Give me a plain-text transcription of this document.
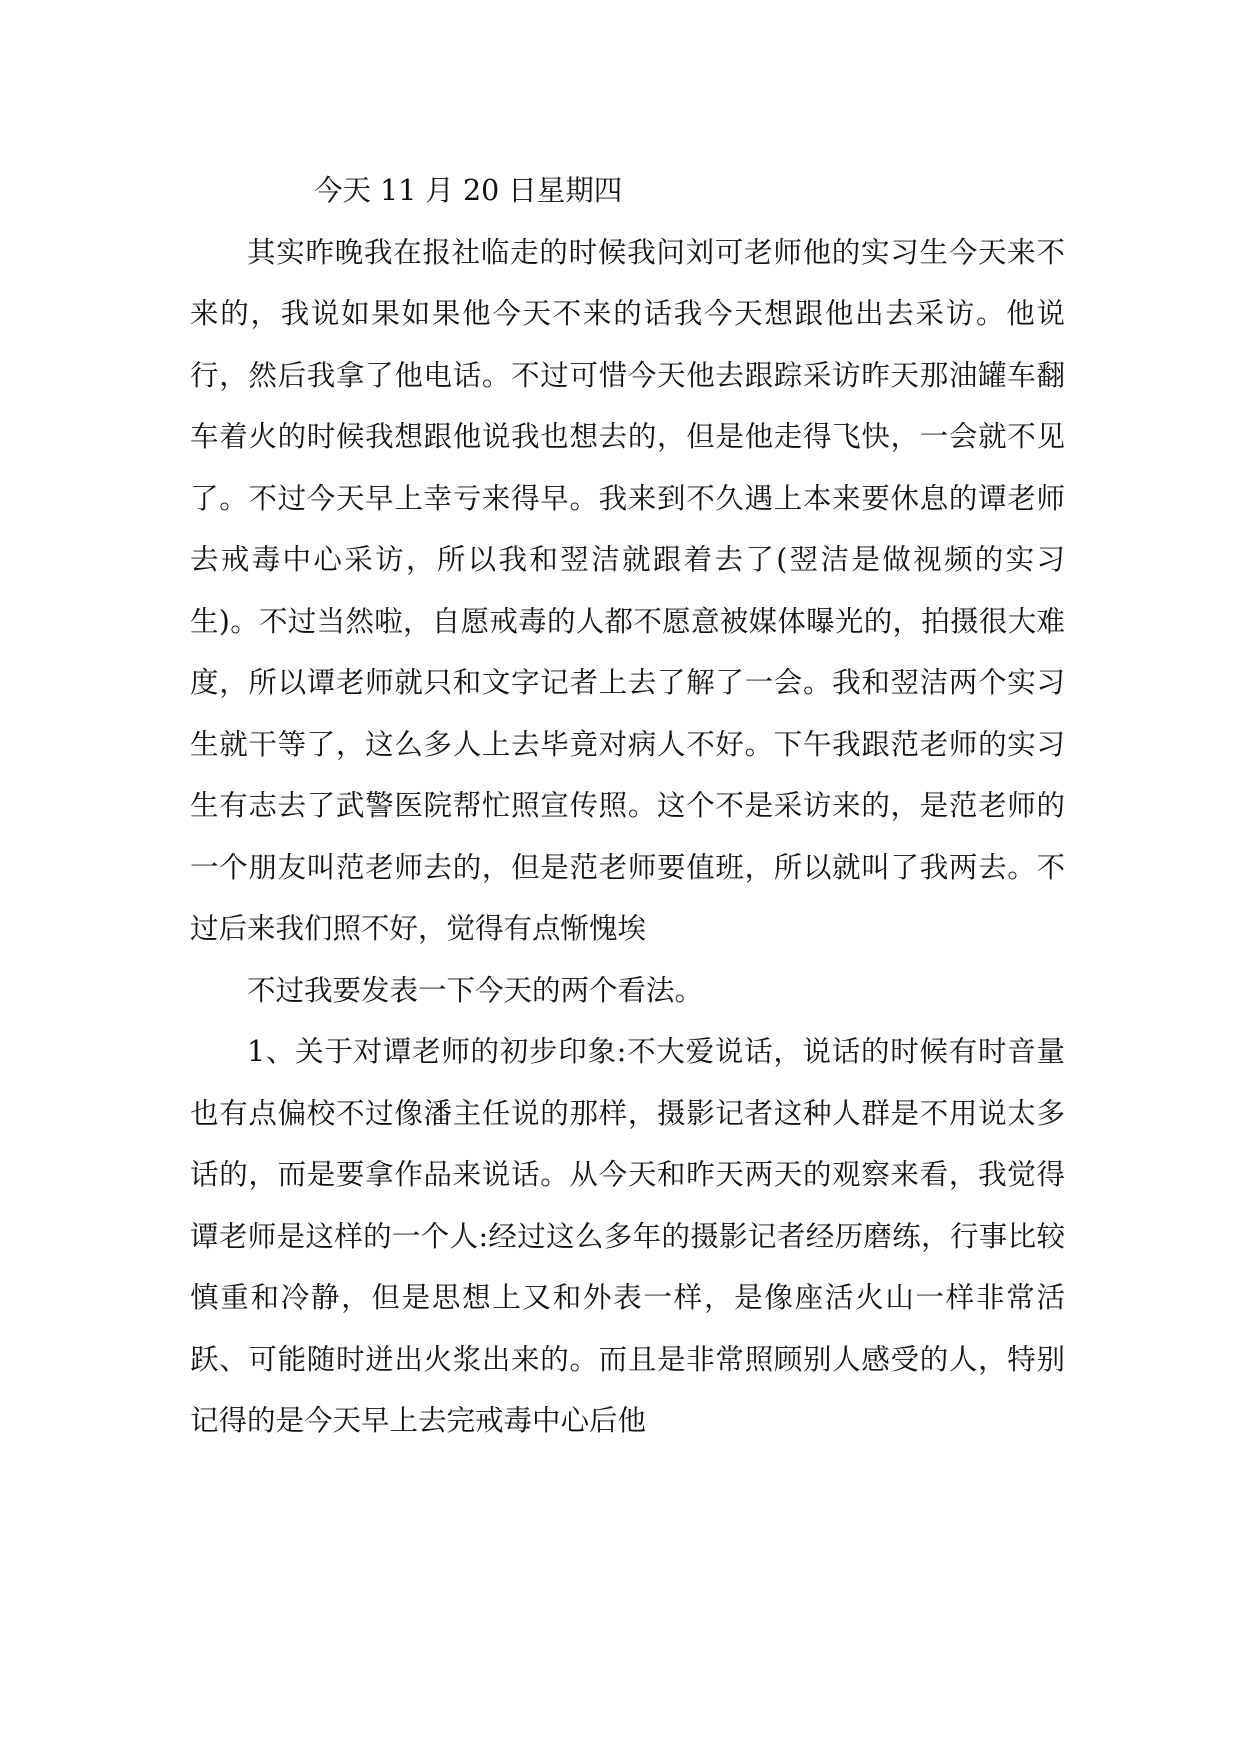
今天 11 月 20 日星期四

其实昨晚我在报社临走的时候我问刘可老师他的实习生今天来不来的，我说如果如果他今天不来的话我今天想跟他出去采访。他说行，然后我拿了他电话。不过可惜今天他去跟踪采访昨天那油罐车翻车着火的时候我想跟他说我也想去的，但是他走得飞快，一会就不见了。不过今天早上幸亏来得早。我来到不久遇上本来要休息的谭老师去戒毒中心采访，所以我和翌洁就跟着去了(翌洁是做视频的实习生)。不过当然啦，自愿戒毒的人都不愿意被媒体曝光的，拍摄很大难度，所以谭老师就只和文字记者上去了解了一会。我和翌洁两个实习生就干等了，这么多人上去毕竟对病人不好。下午我跟范老师的实习生有志去了武警医院帮忙照宣传照。这个不是采访来的，是范老师的一个朋友叫范老师去的，但是范老师要值班，所以就叫了我两去。不过后来我们照不好，觉得有点惭愧埃

不过我要发表一下今天的两个看法。

1、关于对谭老师的初步印象:不大爱说话，说话的时候有时音量也有点偏校不过像潘主任说的那样，摄影记者这种人群是不用说太多话的，而是要拿作品来说话。从今天和昨天两天的观察来看，我觉得谭老师是这样的一个人:经过这么多年的摄影记者经历磨练，行事比较慎重和冷静，但是思想上又和外表一样，是像座活火山一样非常活跃、可能随时迸出火浆出来的。而且是非常照顾别人感受的人，特别记得的是今天早上去完戒毒中心后他
